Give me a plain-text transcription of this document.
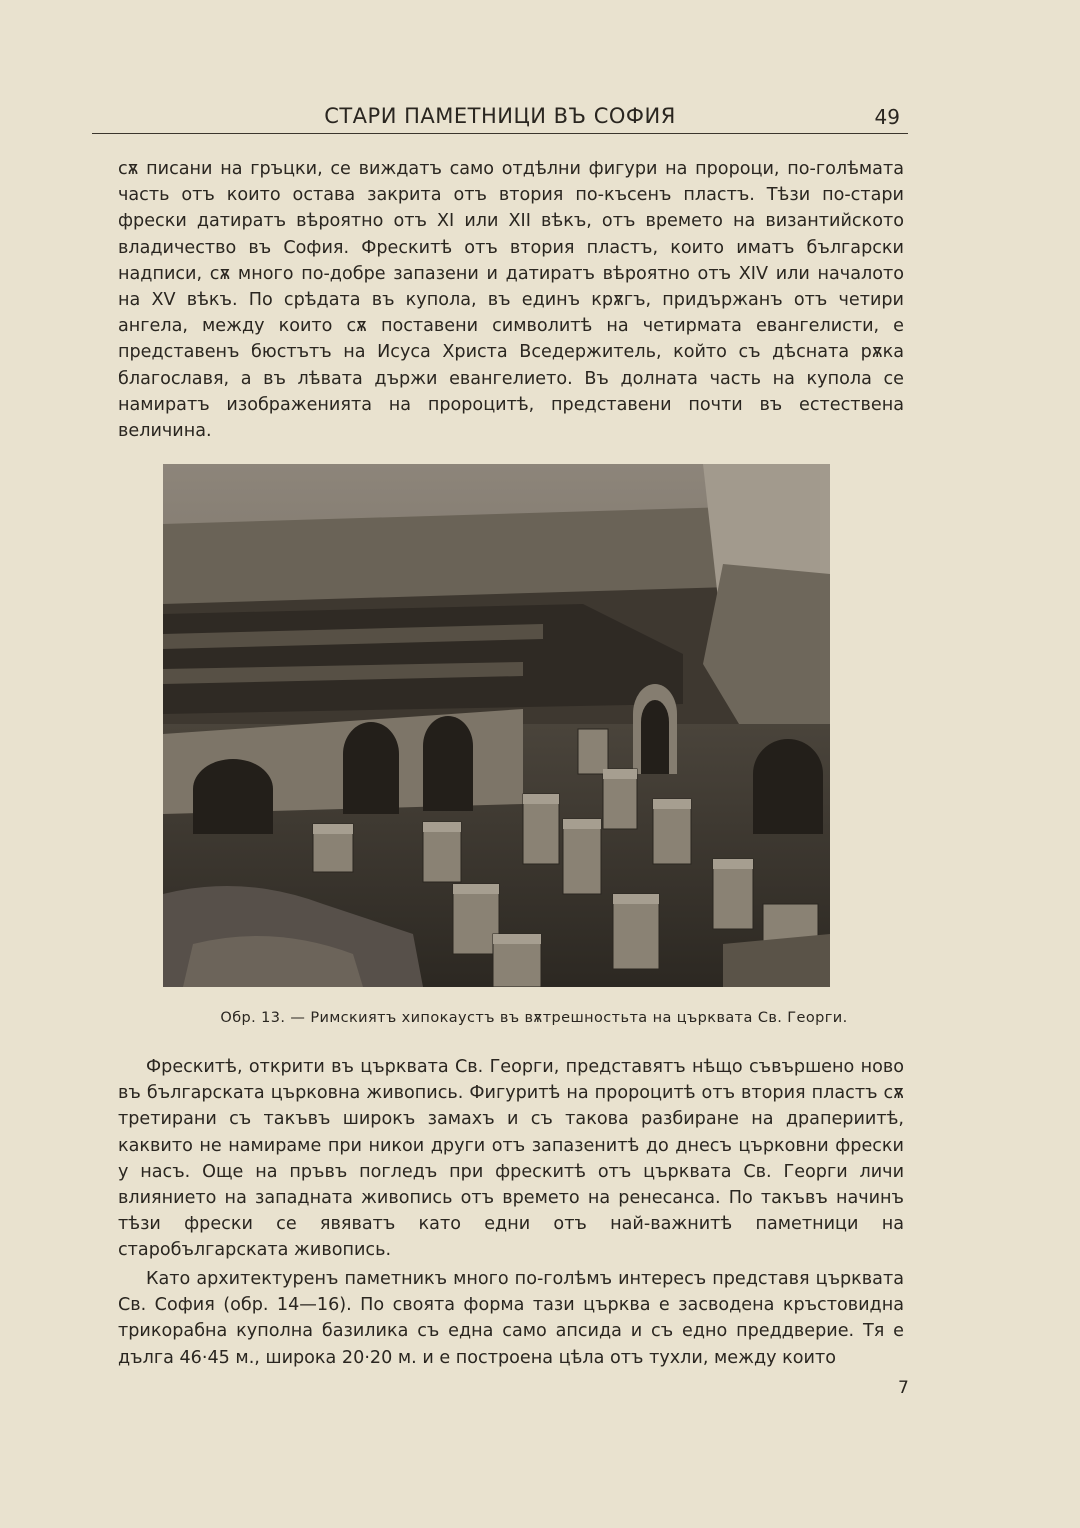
СТАРИ ПАМЕТНИЦИ ВЪ СОФИЯ	49

сѫ писани на гръцки, се виждатъ само отдѣлни фигури на пророци, по-голѣмата часть отъ които остава закрита отъ втория по-късенъ пластъ. Тѣзи по-стари фрески датиратъ вѣроятно отъ XI или XII вѣкъ, отъ времето на византийското владичество въ София. Фрескитѣ отъ втория пластъ, които иматъ български надписи, сѫ много по-добре запазени и датиратъ вѣроятно отъ XIV или началото на XV вѣкъ. По срѣдата въ купола, въ единъ крѫгъ, придържанъ отъ четири ангела, между които сѫ поставени символитѣ на четирмата евангелисти, е представенъ бюстътъ на Исуса Христа Вседержитель, който съ дѣсната рѫка благославя, а въ лѣвата държи евангелието. Въ долната часть на купола се намиратъ изображенията на пророцитѣ, представени почти въ естествена величина.

Обр. 13. — Римскиятъ хипокаустъ въ вѫтрешностьта на църквата Св. Георги.

Фрескитѣ, открити въ църквата Св. Георги, представятъ нѣщо съвършено ново въ българската църковна живопись. Фигуритѣ на пророцитѣ отъ втория пластъ сѫ третирани съ такъвъ широкъ замахъ и съ такова разбиране на драпериитѣ, каквито не намираме при никои други отъ запазенитѣ до днесъ църковни фрески у насъ. Още на пръвъ погледъ при фрескитѣ отъ църквата Св. Георги личи влиянието на западната живопись отъ времето на ренесанса. По такъвъ начинъ тѣзи фрески се явяватъ като едни отъ най-важнитѣ паметници на старобългарската живопись.

Като архитектуренъ паметникъ много по-голѣмъ интересъ представя църквата Св. София (обр. 14—16). По своята форма тази църква е засводена кръстовидна трикорабна куполна базилика съ една само апсида и съ едно преддверие. Тя е дълга 46·45 м., широка 20·20 м. и е построена цѣла отъ тухли, между които

7
